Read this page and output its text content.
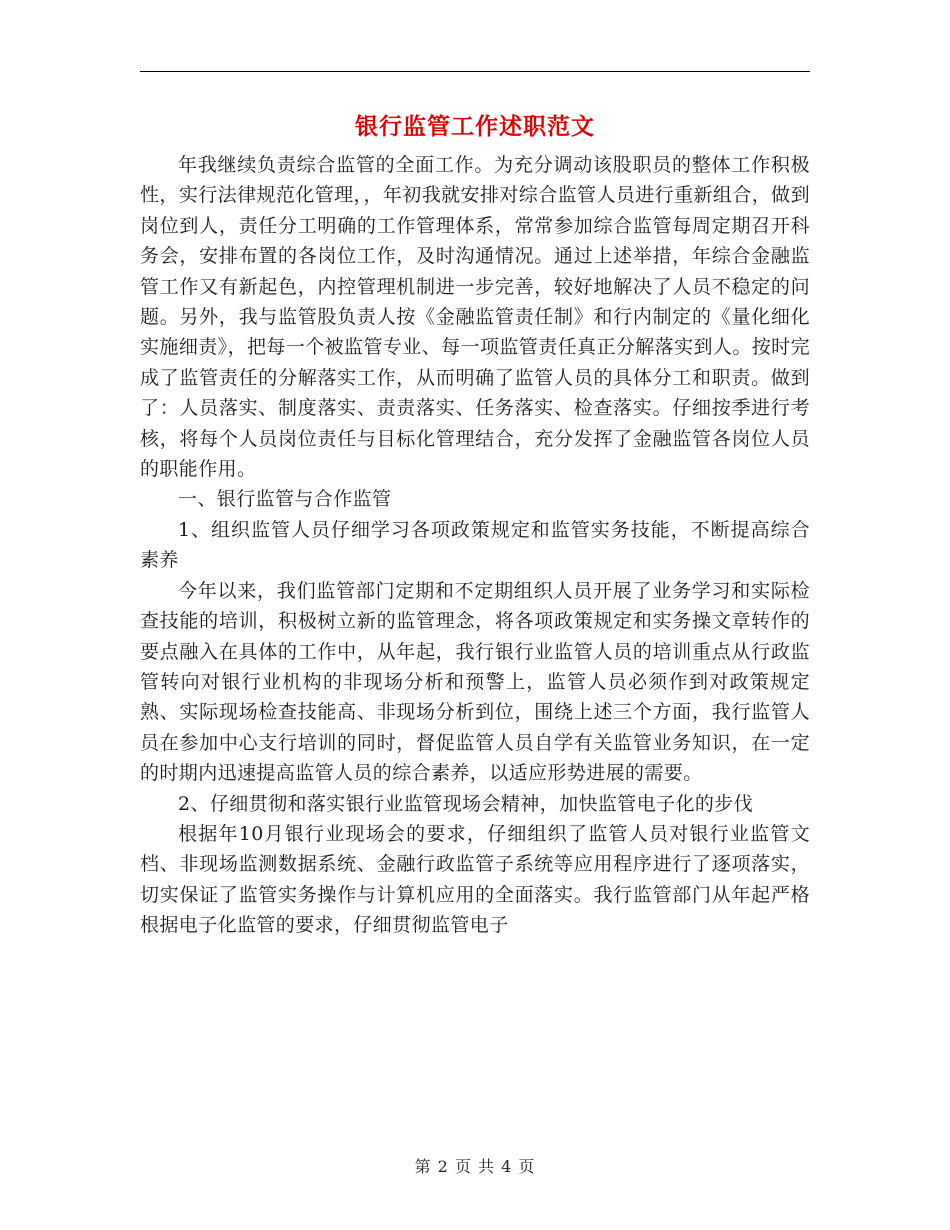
银行监管工作述职范文

年我继续负责综合监管的全面工作。为充分调动该股职员的整体工作积极性，实行法律规范化管理，，年初我就安排对综合监管人员进行重新组合，做到岗位到人，责任分工明确的工作管理体系，常常参加综合监管每周定期召开科务会，安排布置的各岗位工作，及时沟通情况。通过上述举措，年综合金融监管工作又有新起色，内控管理机制进一步完善，较好地解决了人员不稳定的问题。另外，我与监管股负责人按《金融监管责任制》和行内制定的《量化细化实施细责》，把每一个被监管专业、每一项监管责任真正分解落实到人。按时完成了监管责任的分解落实工作，从而明确了监管人员的具体分工和职责。做到了：人员落实、制度落实、责责落实、任务落实、检查落实。仔细按季进行考核，将每个人员岗位责任与目标化管理结合，充分发挥了金融监管各岗位人员的职能作用。

一、银行监管与合作监管

1、组织监管人员仔细学习各项政策规定和监管实务技能，不断提高综合素养

今年以来，我们监管部门定期和不定期组织人员开展了业务学习和实际检查技能的培训，积极树立新的监管理念，将各项政策规定和实务操文章转作的要点融入在具体的工作中，从年起，我行银行业监管人员的培训重点从行政监管转向对银行业机构的非现场分析和预警上，监管人员必须作到对政策规定熟、实际现场检查技能高、非现场分析到位，围绕上述三个方面，我行监管人员在参加中心支行培训的同时，督促监管人员自学有关监管业务知识，在一定的时期内迅速提高监管人员的综合素养，以适应形势进展的需要。

2、仔细贯彻和落实银行业监管现场会精神，加快监管电子化的步伐

根据年10月银行业现场会的要求，仔细组织了监管人员对银行业监管文档、非现场监测数据系统、金融行政监管子系统等应用程序进行了逐项落实，切实保证了监管实务操作与计算机应用的全面落实。我行监管部门从年起严格根据电子化监管的要求，仔细贯彻监管电子

第 2 页 共 4 页
